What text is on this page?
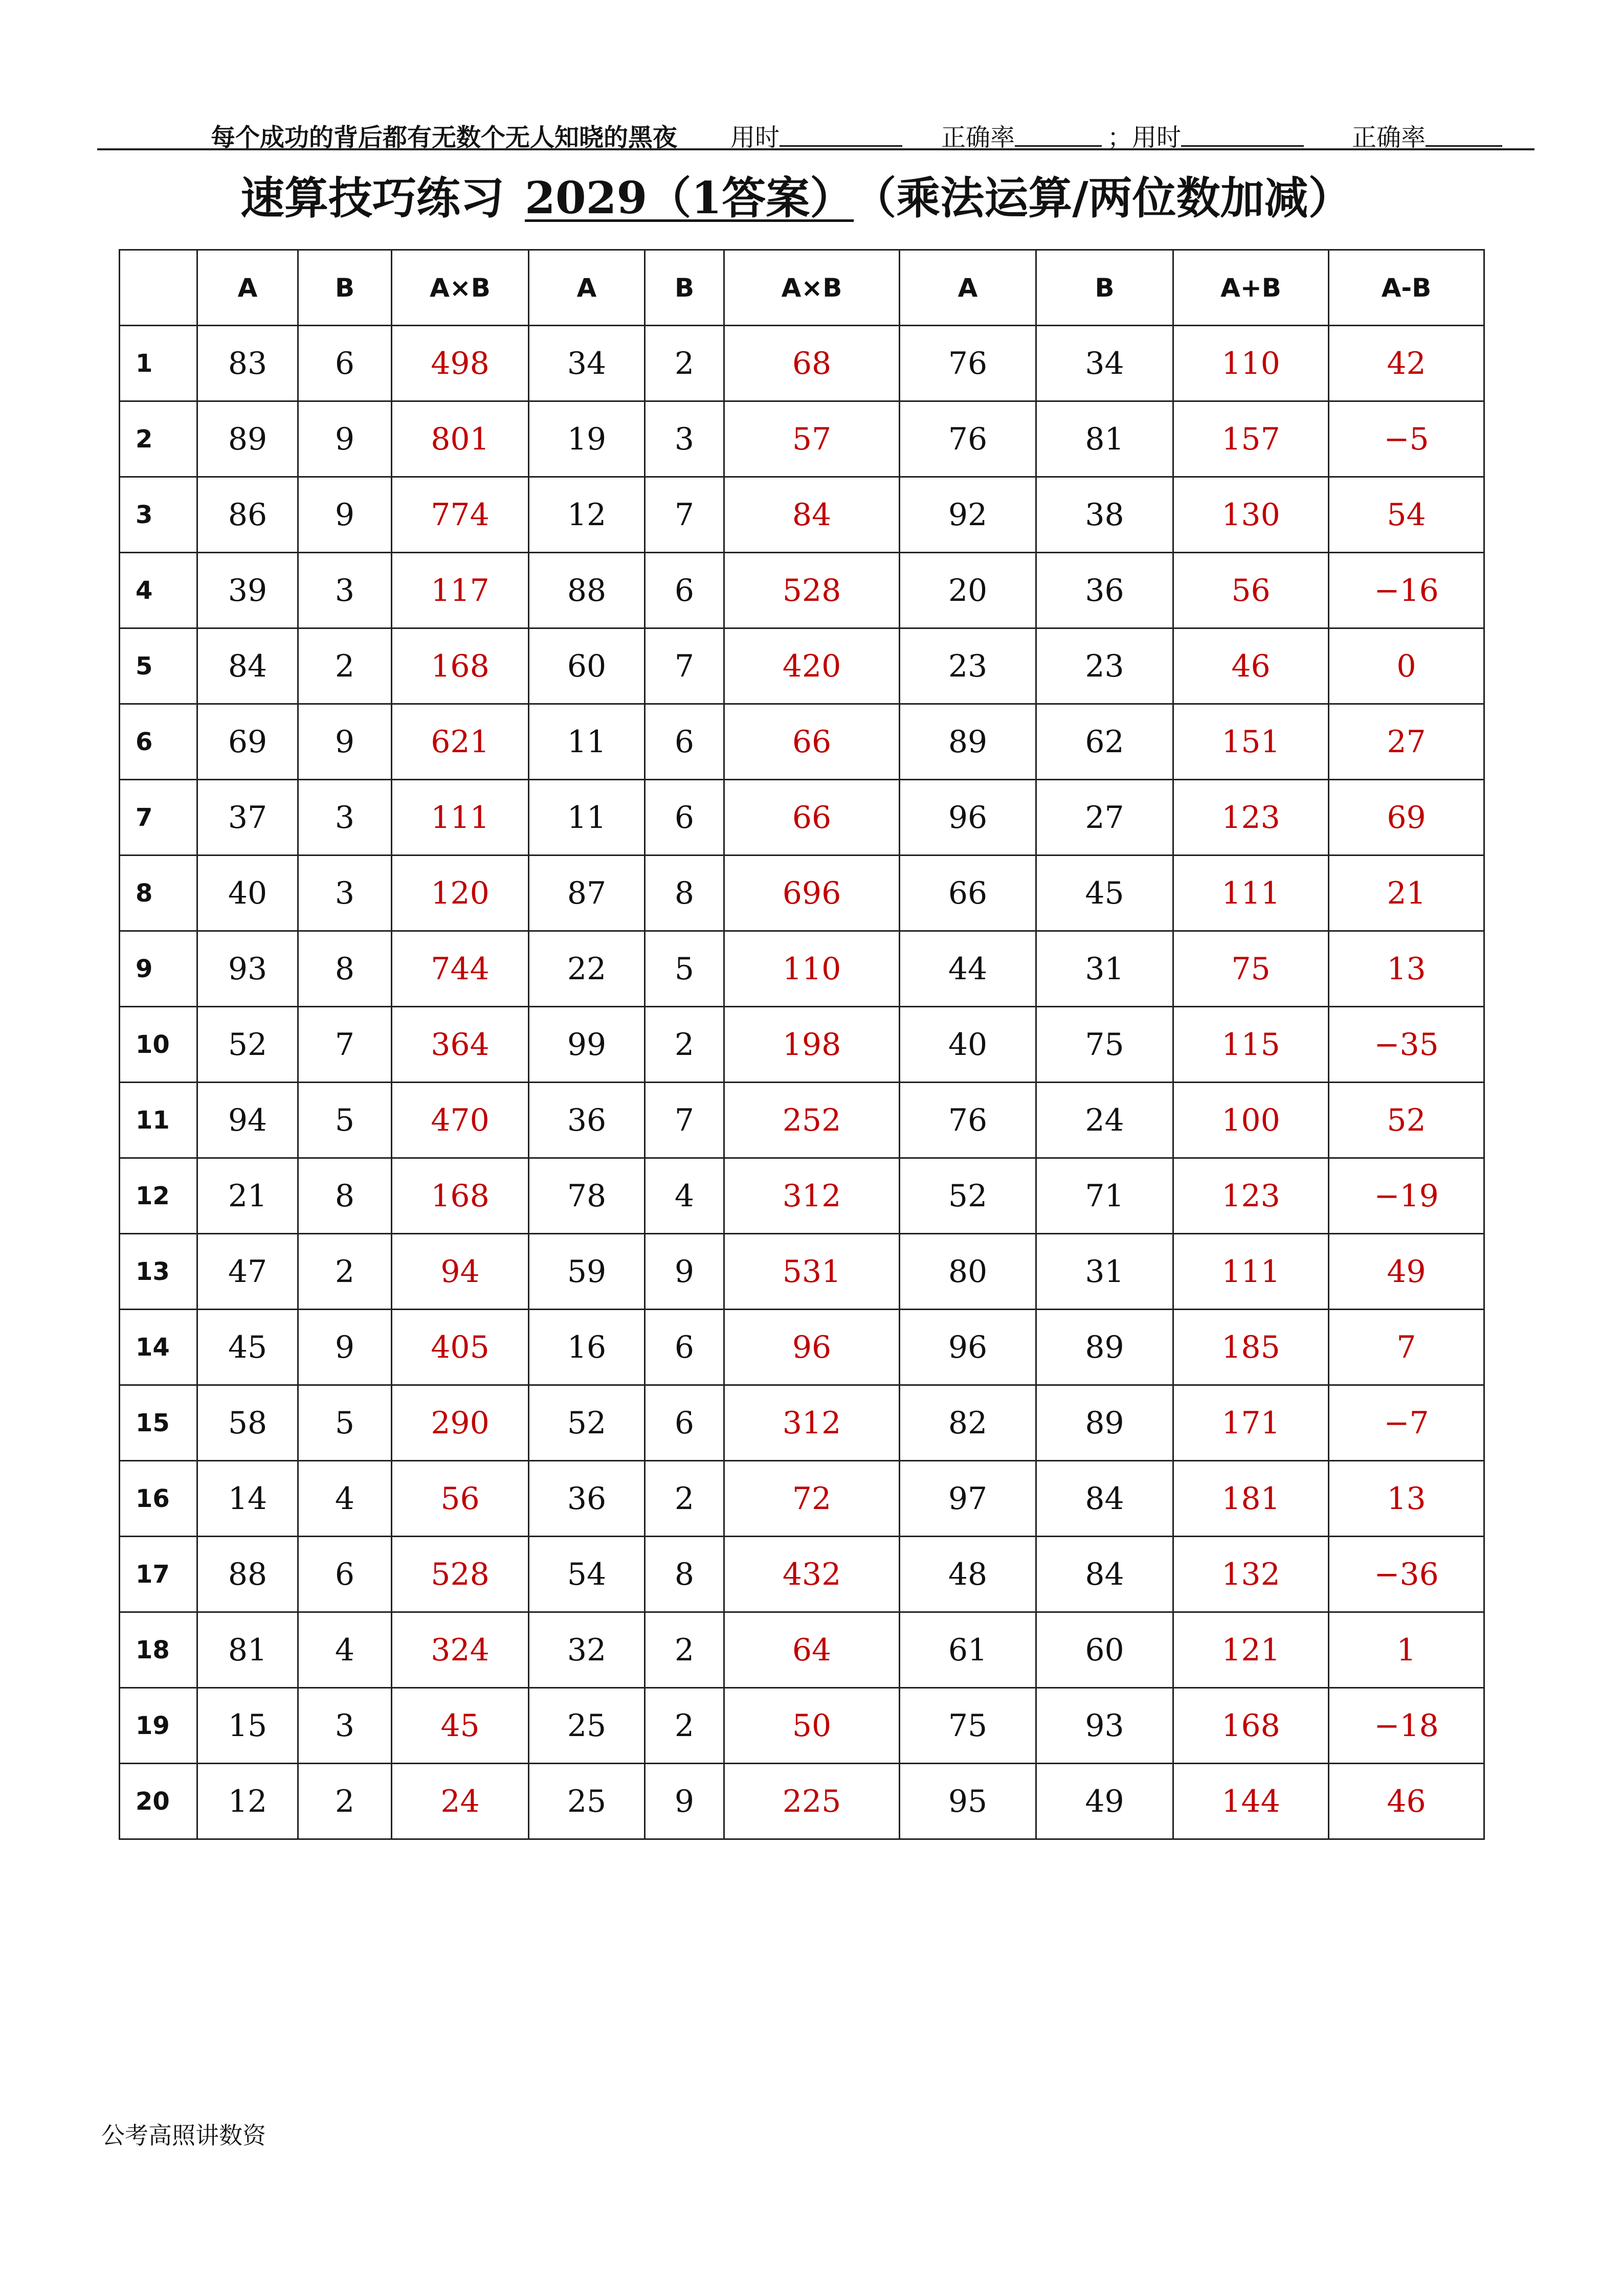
每个成功的背后都有无数个无人知晓的黑夜 用时	正确率	；用时	正确率
速算技巧练习 2029（1答案） （乘法运算/两位数加减）
	A	B	A×B	A	B	A×B	A	B	A+B	A-B
1	83	6	498	34	2	68	76	34	110	42
2	89	9	801	19	3	57	76	81	157	−5
3	86	9	774	12	7	84	92	38	130	54
4	39	3	117	88	6	528	20	36	56	−16
5	84	2	168	60	7	420	23	23	46	0
6	69	9	621	11	6	66	89	62	151	27
7	37	3	111	11	6	66	96	27	123	69
8	40	3	120	87	8	696	66	45	111	21
9	93	8	744	22	5	110	44	31	75	13
10	52	7	364	99	2	198	40	75	115	−35
11	94	5	470	36	7	252	76	24	100	52
12	21	8	168	78	4	312	52	71	123	−19
13	47	2	94	59	9	531	80	31	111	49
14	45	9	405	16	6	96	96	89	185	7
15	58	5	290	52	6	312	82	89	171	−7
16	14	4	56	36	2	72	97	84	181	13
17	88	6	528	54	8	432	48	84	132	−36
18	81	4	324	32	2	64	61	60	121	1
19	15	3	45	25	2	50	75	93	168	−18
20	12	2	24	25	9	225	95	49	144	46
公考高照讲数资
